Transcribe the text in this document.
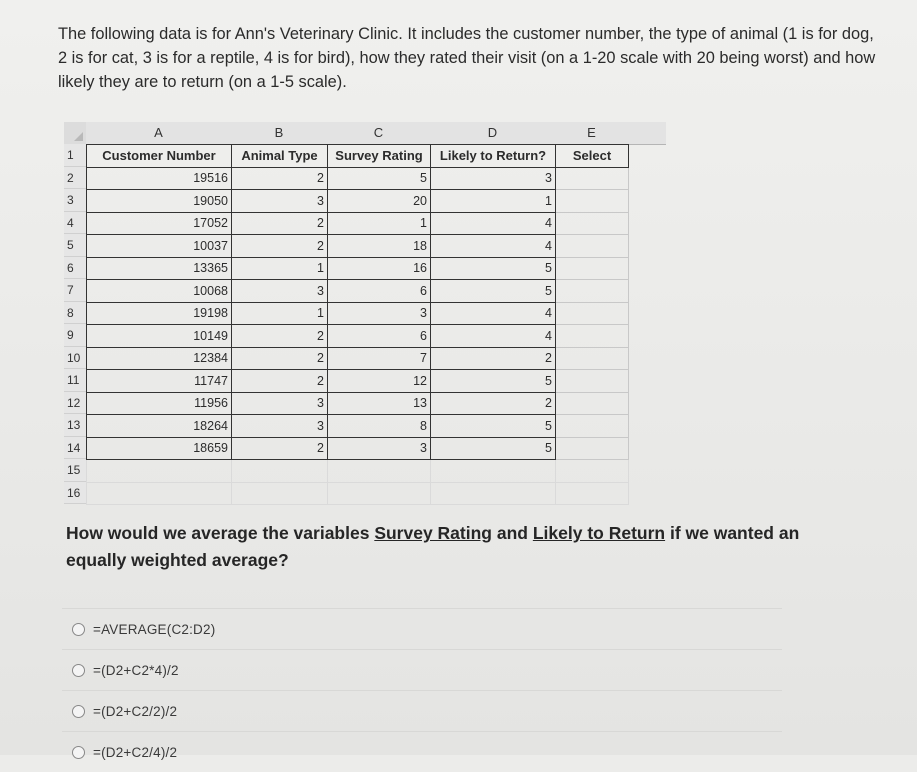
The following data is for Ann's Veterinary Clinic. It includes the customer number, the type of animal (1 is for dog, 2 is for cat, 3 is for a reptile, 4 is for bird), how they rated their visit (on a 1-20 scale with 20 being worst) and how likely they are to return (on a 1-5 scale).
A	B	C	D	E
1
2
3
4
5
6
7
8
9
10
11
12
13
14
15
16
Customer Number	Animal Type	Survey Rating	Likely to Return?	Select
19516	2	5	3	
19050	3	20	1	
17052	2	1	4	
10037	2	18	4	
13365	1	16	5	
10068	3	6	5	
19198	1	3	4	
10149	2	6	4	
12384	2	7	2	
11747	2	12	5	
11956	3	13	2	
18264	3	8	5	
18659	2	3	5	

How would we average the variables Survey Rating and Likely to Return if we wanted an equally weighted average?
=AVERAGE(C2:D2)
=(D2+C2*4)/2
=(D2+C2/2)/2
=(D2+C2/4)/2
